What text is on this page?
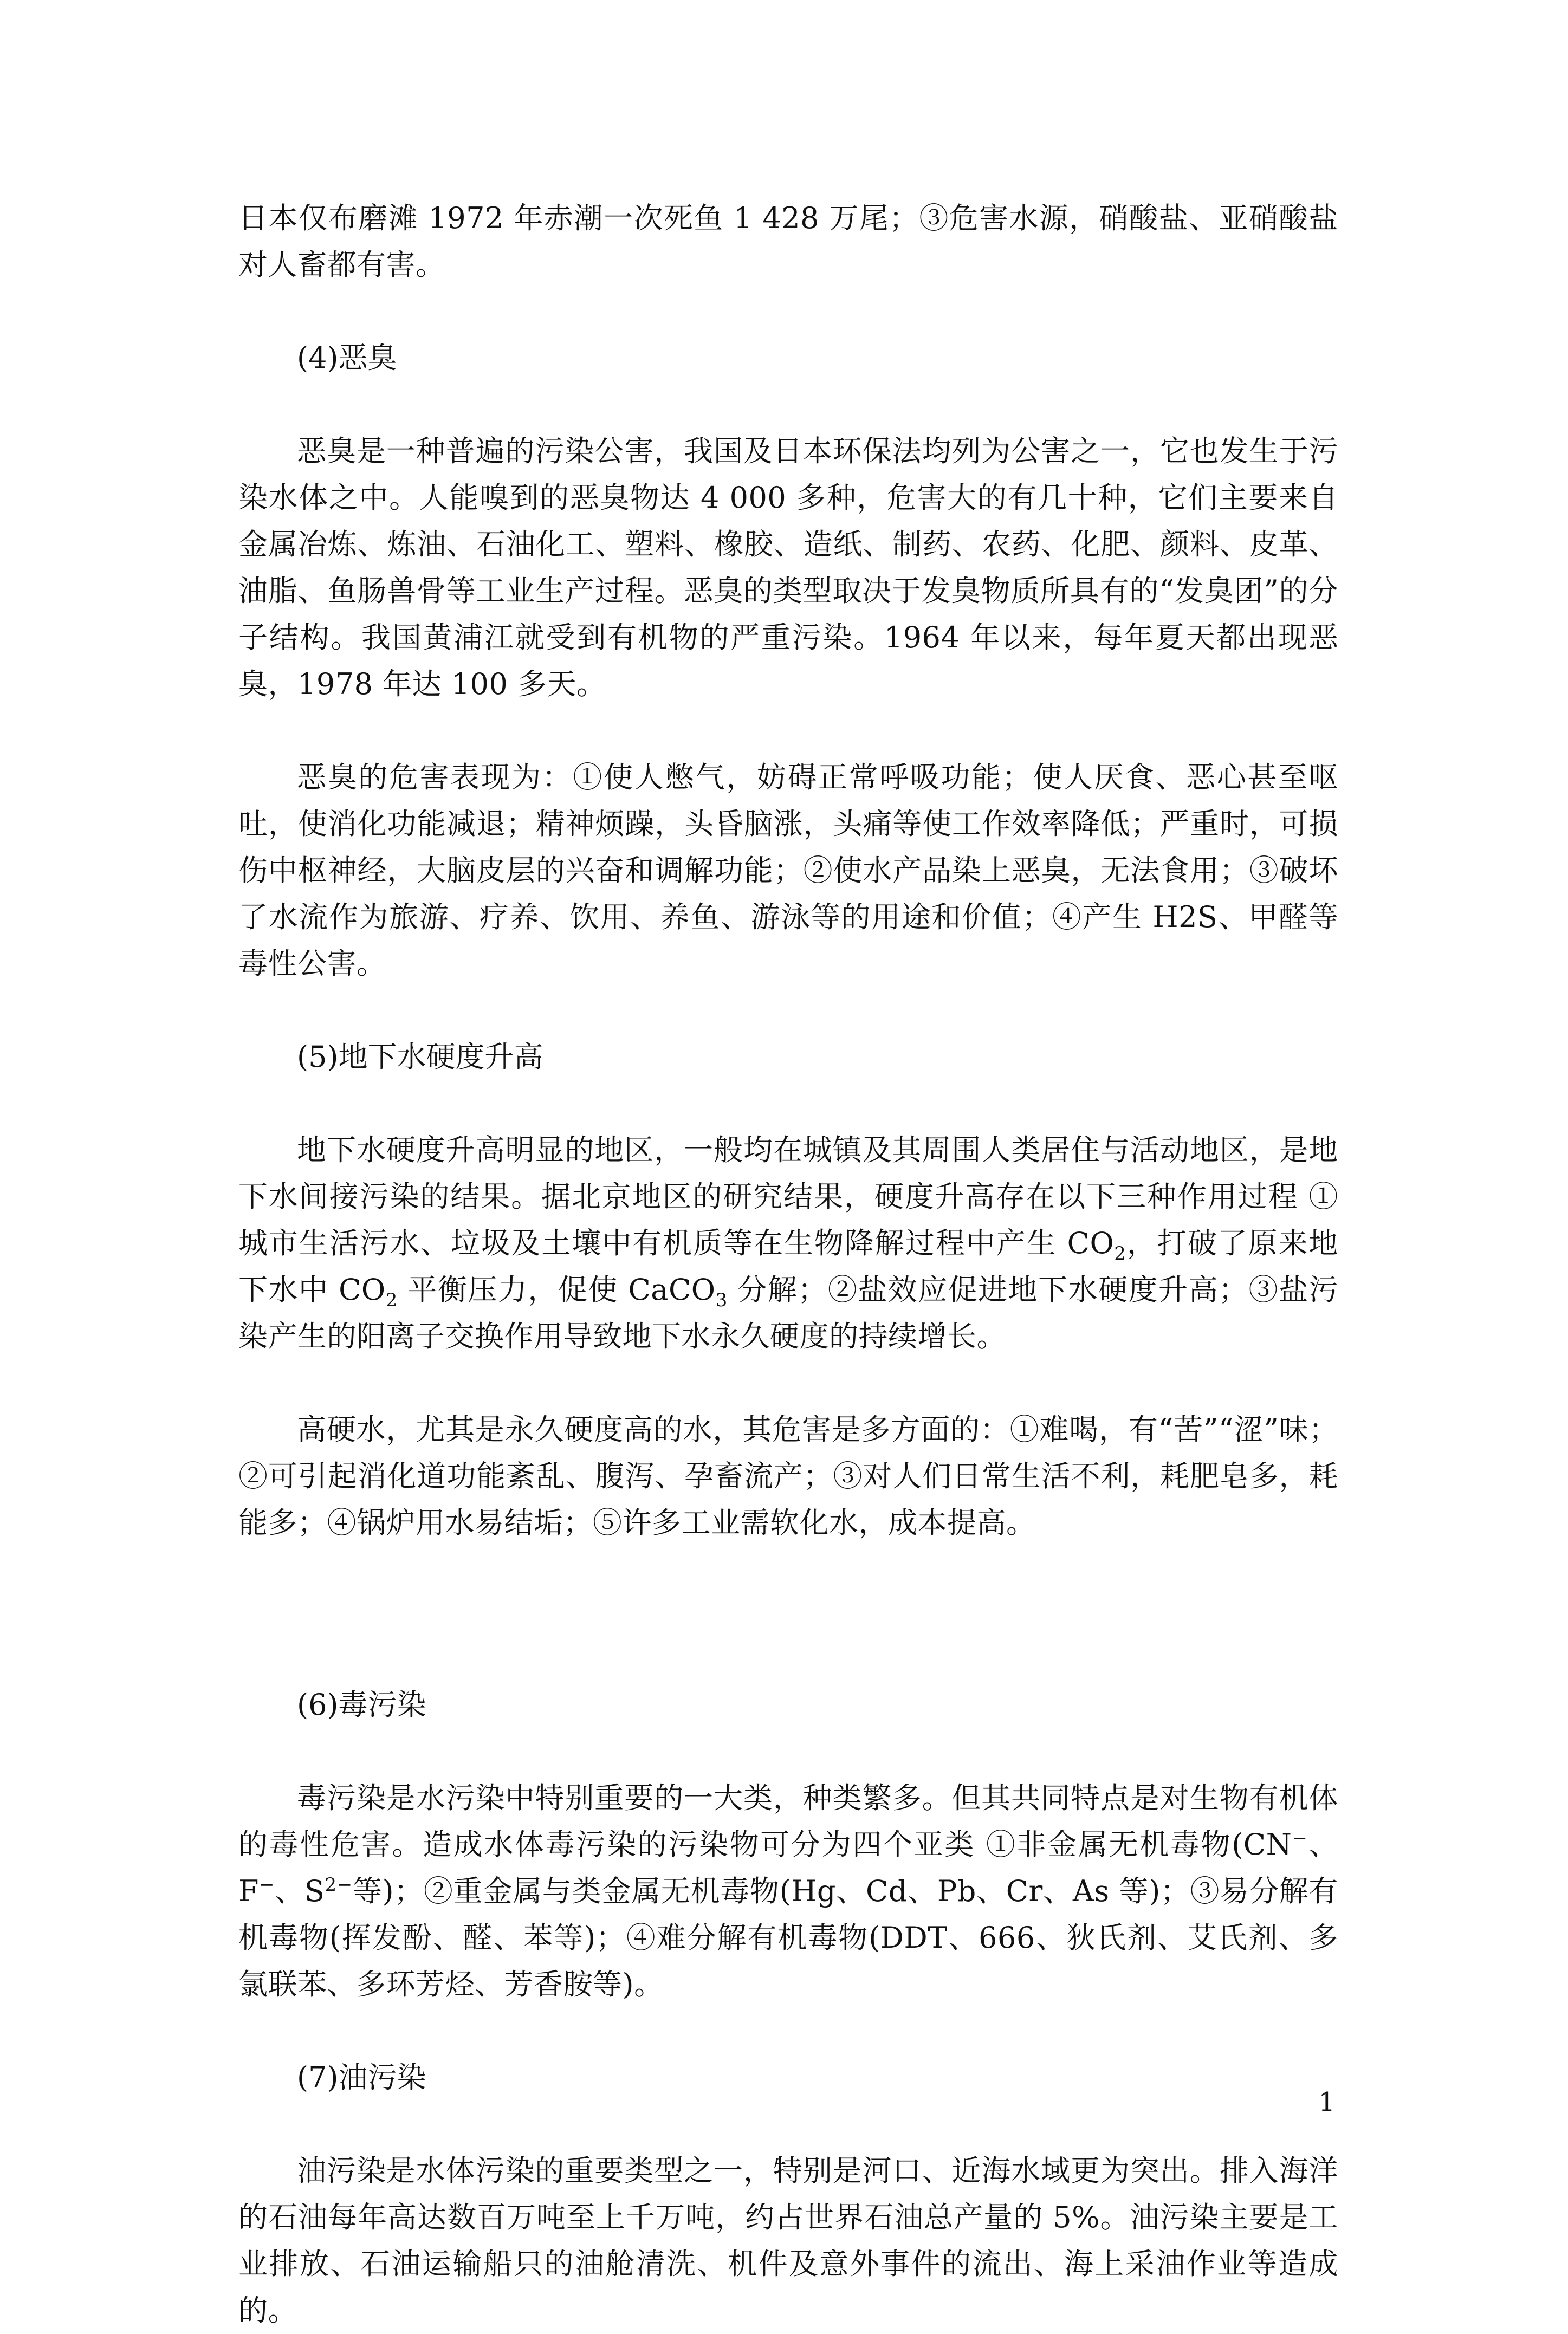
日本仅布磨滩 1972 年赤潮一次死鱼 1 428 万尾；③危害水源，硝酸盐、亚硝酸盐对人畜都有害。

(4)恶臭

恶臭是一种普遍的污染公害，我国及日本环保法均列为公害之一，它也发生于污染水体之中。人能嗅到的恶臭物达 4 000 多种，危害大的有几十种，它们主要来自金属冶炼、炼油、石油化工、塑料、橡胶、造纸、制药、农药、化肥、颜料、皮革、油脂、鱼肠兽骨等工业生产过程。恶臭的类型取决于发臭物质所具有的“发臭团”的分子结构。我国黄浦江就受到有机物的严重污染。1964 年以来，每年夏天都出现恶臭，1978 年达 100 多天。

恶臭的危害表现为：①使人憋气，妨碍正常呼吸功能；使人厌食、恶心甚至呕吐，使消化功能减退；精神烦躁，头昏脑涨，头痛等使工作效率降低；严重时，可损伤中枢神经，大脑皮层的兴奋和调解功能；②使水产品染上恶臭，无法食用；③破坏了水流作为旅游、疗养、饮用、养鱼、游泳等的用途和价值；④产生 H2S、甲醛等毒性公害。

(5)地下水硬度升高

地下水硬度升高明显的地区，一般均在城镇及其周围人类居住与活动地区，是地下水间接污染的结果。据北京地区的研究结果，硬度升高存在以下三种作用过程 ①城市生活污水、垃圾及土壤中有机质等在生物降解过程中产生 $CO_2$，打破了原来地下水中 $CO_2$ 平衡压力，促使 CaCO$_3$ 分解；②盐效应促进地下水硬度升高；③盐污染产生的阳离子交换作用导致地下水永久硬度的持续增长。

高硬水，尤其是永久硬度高的水，其危害是多方面的：①难喝，有“苦”“涩”味；②可引起消化道功能紊乱、腹泻、孕畜流产；③对人们日常生活不利，耗肥皂多，耗能多；④锅炉用水易结垢；⑤许多工业需软化水，成本提高。

(6)毒污染

毒污染是水污染中特别重要的一大类，种类繁多。但其共同特点是对生物有机体的毒性危害。造成水体毒污染的污染物可分为四个亚类 ①非金属无机毒物(CN−、F−、$S^{2-}$等)；②重金属与类金属无机毒物(Hg、Cd、Pb、Cr、As 等)；③易分解有机毒物(挥发酚、醛、苯等)；④难分解有机毒物(DDT、666、狄氏剂、艾氏剂、多氯联苯、多环芳烃、芳香胺等)。

(7)油污染

油污染是水体污染的重要类型之一，特别是河口、近海水域更为突出。排入海洋的石油每年高达数百万吨至上千万吨，约占世界石油总产量的 5%。油污染主要是工业排放、石油运输船只的油舱清洗、机件及意外事件的流出、海上采油作业等造成的。

1
